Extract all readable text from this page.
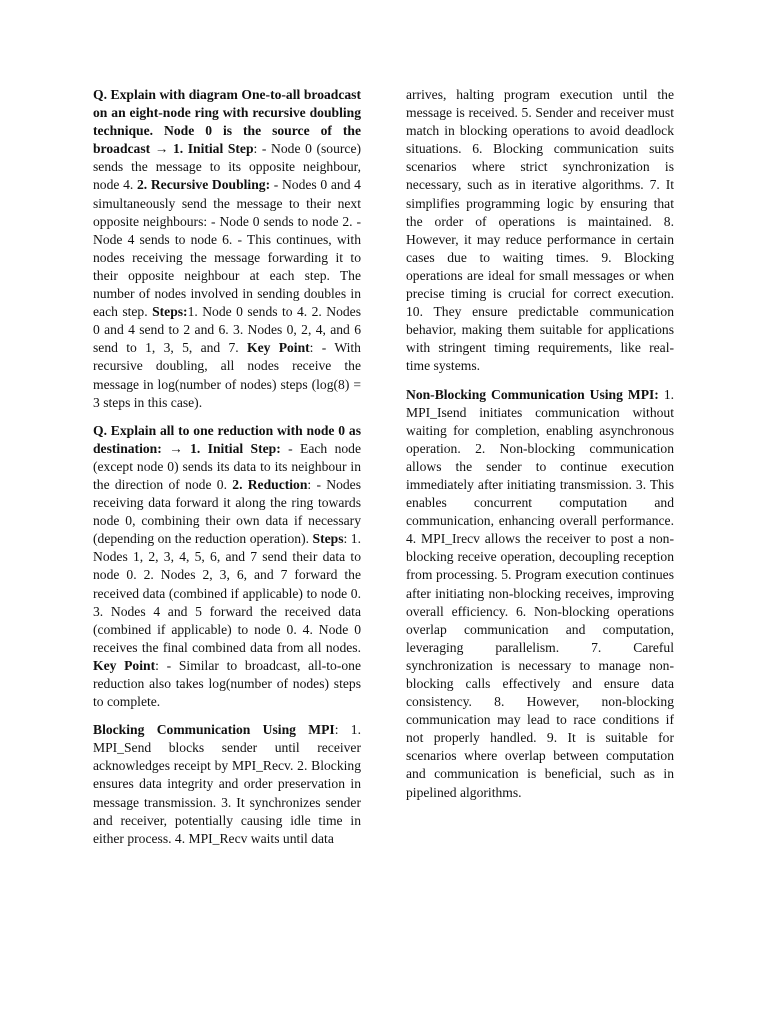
Q. Explain with diagram One-to-all broadcast on an eight-node ring with recursive doubling technique. Node 0 is the source of the broadcast → 1. Initial Step: - Node 0 (source) sends the message to its opposite neighbour, node 4. 2. Recursive Doubling: - Nodes 0 and 4 simultaneously send the message to their next opposite neighbours: - Node 0 sends to node 2. - Node 4 sends to node 6. - This continues, with nodes receiving the message forwarding it to their opposite neighbour at each step. The number of nodes involved in sending doubles in each step. Steps:1. Node 0 sends to 4. 2. Nodes 0 and 4 send to 2 and 6. 3. Nodes 0, 2, 4, and 6 send to 1, 3, 5, and 7. Key Point: - With recursive doubling, all nodes receive the message in log(number of nodes) steps (log(8) = 3 steps in this case).

Q. Explain all to one reduction with node 0 as destination: → 1. Initial Step: - Each node (except node 0) sends its data to its neighbour in the direction of node 0. 2. Reduction: - Nodes receiving data forward it along the ring towards node 0, combining their own data if necessary (depending on the reduction operation). Steps: 1. Nodes 1, 2, 3, 4, 5, 6, and 7 send their data to node 0. 2. Nodes 2, 3, 6, and 7 forward the received data (combined if applicable) to node 0. 3. Nodes 4 and 5 forward the received data (combined if applicable) to node 0. 4. Node 0 receives the final combined data from all nodes. Key Point: - Similar to broadcast, all-to-one reduction also takes log(number of nodes) steps to complete.

Blocking Communication Using MPI: 1. MPI_Send blocks sender until receiver acknowledges receipt by MPI_Recv. 2. Blocking ensures data integrity and order preservation in message transmission. 3. It synchronizes sender and receiver, potentially causing idle time in either process. 4. MPI_Recv waits until data

arrives, halting program execution until the message is received. 5. Sender and receiver must match in blocking operations to avoid deadlock situations. 6. Blocking communication suits scenarios where strict synchronization is necessary, such as in iterative algorithms. 7. It simplifies programming logic by ensuring that the order of operations is maintained. 8. However, it may reduce performance in certain cases due to waiting times. 9. Blocking operations are ideal for small messages or when precise timing is crucial for correct execution. 10. They ensure predictable communication behavior, making them suitable for applications with stringent timing requirements, like real-time systems.

Non-Blocking Communication Using MPI: 1. MPI_Isend initiates communication without waiting for completion, enabling asynchronous operation. 2. Non-blocking communication allows the sender to continue execution immediately after initiating transmission. 3. This enables concurrent computation and communication, enhancing overall performance. 4. MPI_Irecv allows the receiver to post a non-blocking receive operation, decoupling reception from processing. 5. Program execution continues after initiating non-blocking receives, improving overall efficiency. 6. Non-blocking operations overlap communication and computation, leveraging parallelism. 7. Careful synchronization is necessary to manage non-blocking calls effectively and ensure data consistency. 8. However, non-blocking communication may lead to race conditions if not properly handled. 9. It is suitable for scenarios where overlap between computation and communication is beneficial, such as in pipelined algorithms.
